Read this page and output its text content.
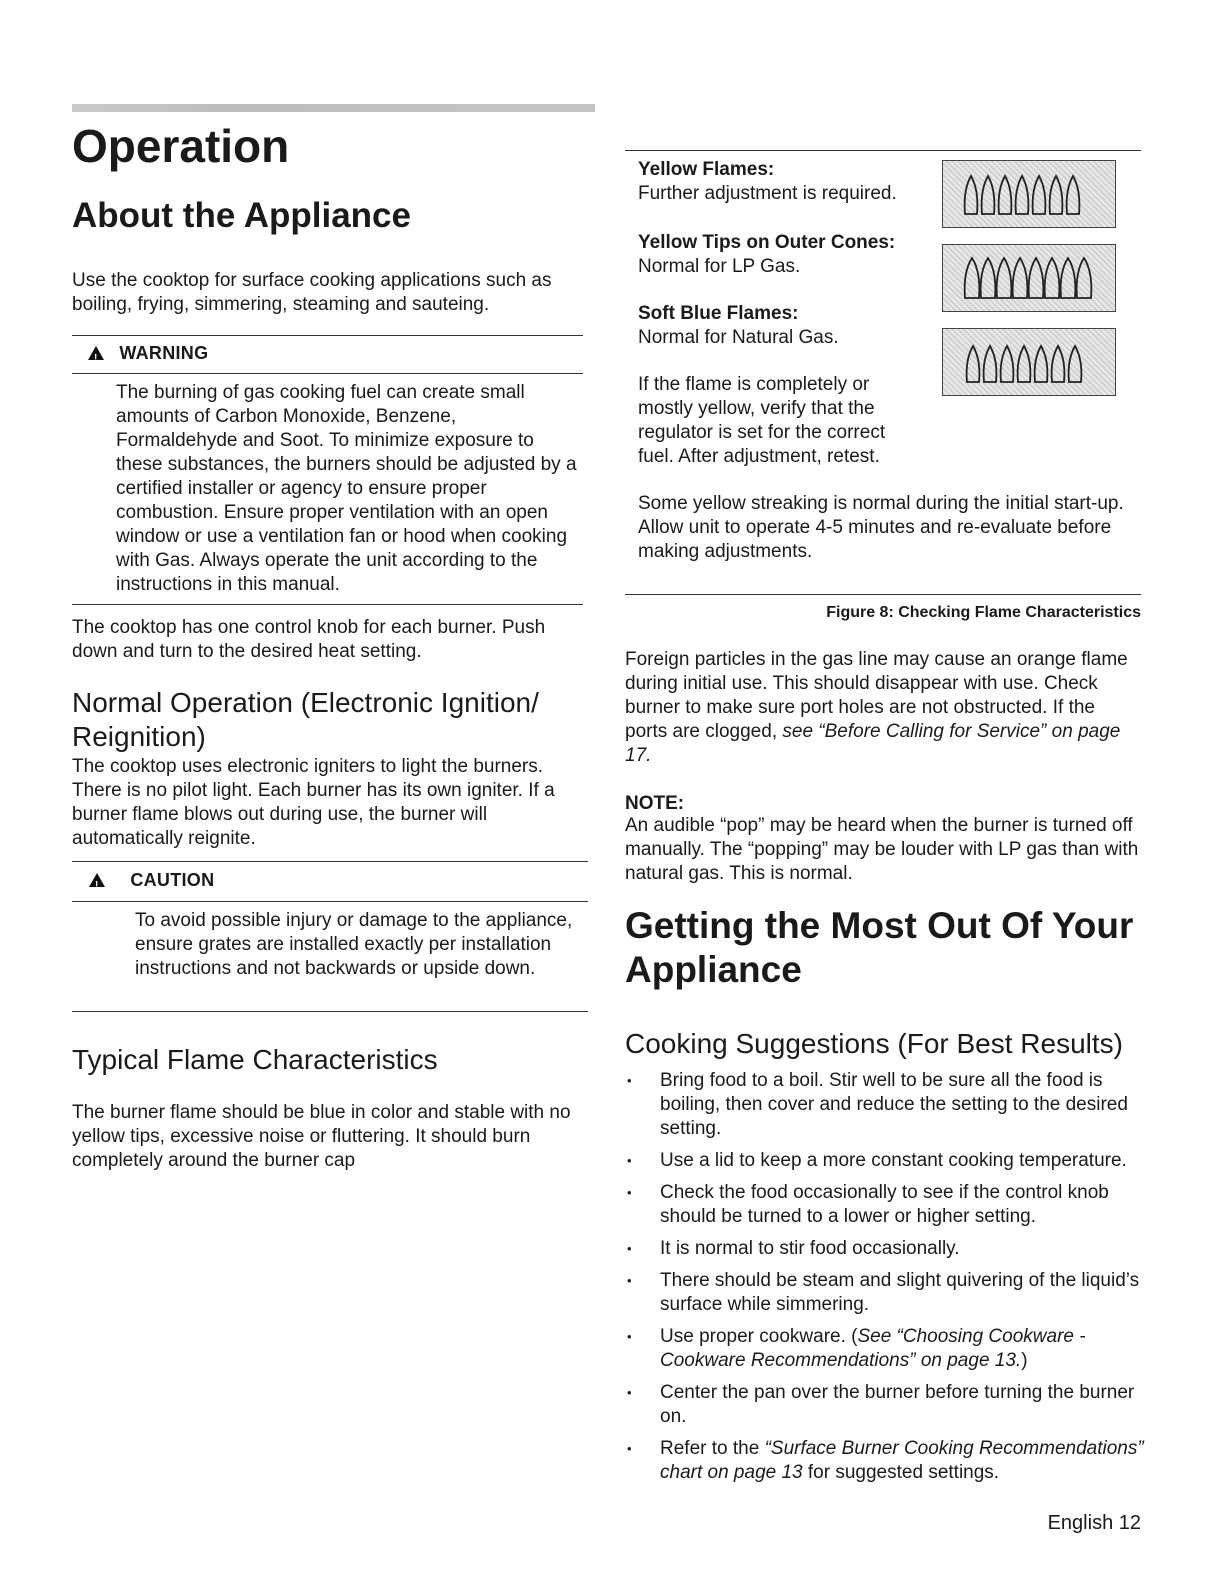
Operation
About the Appliance

Use the cooktop for surface cooking applications such as boiling, frying, simmering, steaming and sauteing.

! WARNING

The burning of gas cooking fuel can create small amounts of Carbon Monoxide, Benzene, Formaldehyde and Soot. To minimize exposure to these substances, the burners should be adjusted by a certified installer or agency to ensure proper combustion. Ensure proper ventilation with an open window or use a ventilation fan or hood when cooking with Gas. Always operate the unit according to the instructions in this manual.

The cooktop has one control knob for each burner. Push down and turn to the desired heat setting.

Normal Operation (Electronic Ignition/ Reignition)

The cooktop uses electronic igniters to light the burners. There is no pilot light. Each burner has its own igniter. If a burner flame blows out during use, the burner will automatically reignite.

! CAUTION

To avoid possible injury or damage to the appliance, ensure grates are installed exactly per installation instructions and not backwards or upside down.

Typical Flame Characteristics

The burner flame should be blue in color and stable with no yellow tips, excessive noise or fluttering. It should burn completely around the burner cap

Yellow Flames:
Further adjustment is required.
Yellow Tips on Outer Cones:
Normal for LP Gas.
Soft Blue Flames:
Normal for Natural Gas.

If the flame is completely or mostly yellow, verify that the regulator is set for the correct fuel. After adjustment, retest.

Some yellow streaking is normal during the initial start-up. Allow unit to operate 4-5 minutes and re-evaluate before making adjustments.

Figure 8: Checking Flame Characteristics

Foreign particles in the gas line may cause an orange flame during initial use. This should disappear with use. Check burner to make sure port holes are not obstructed. If the ports are clogged, see “Before Calling for Service” on page 17.

NOTE:

An audible “pop” may be heard when the burner is turned off manually. The “popping” may be louder with LP gas than with natural gas. This is normal.

Getting the Most Out Of Your Appliance
Cooking Suggestions (For Best Results)
• Bring food to a boil. Stir well to be sure all the food is boiling, then cover and reduce the setting to the desired setting.
• Use a lid to keep a more constant cooking temperature.
• Check the food occasionally to see if the control knob should be turned to a lower or higher setting.
• It is normal to stir food occasionally.
• There should be steam and slight quivering of the liquid’s surface while simmering.
• Use proper cookware. (See “Choosing Cookware - Cookware Recommendations” on page 13.)
• Center the pan over the burner before turning the burner on.
• Refer to the “Surface Burner Cooking Recommendations” chart on page 13 for suggested settings.
English 12
